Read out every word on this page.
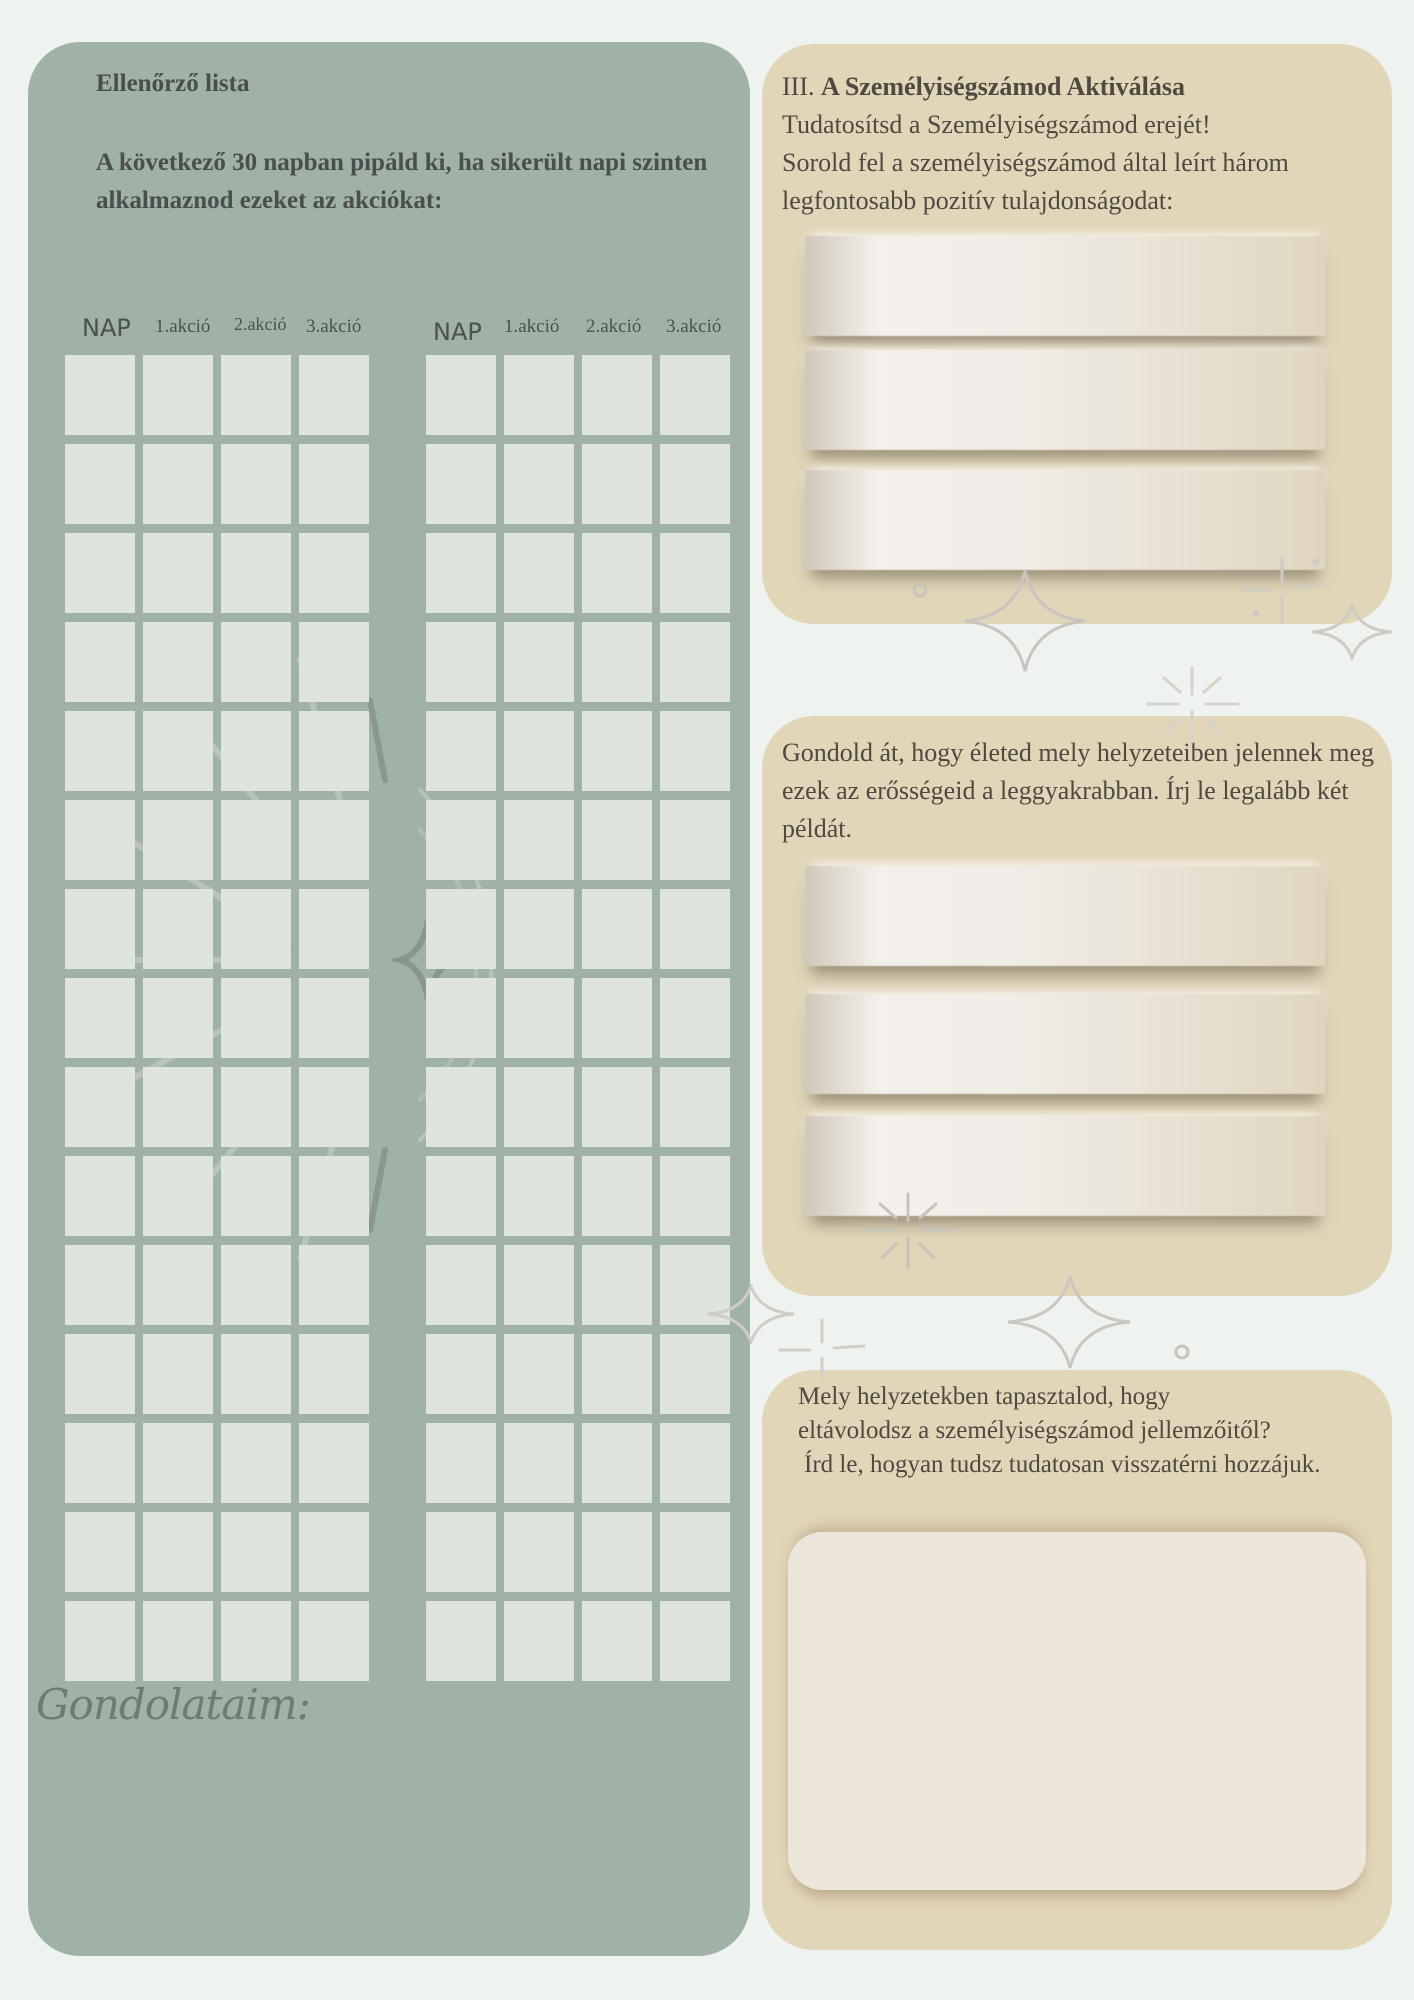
Ellenőrző lista
A következő 30 napban pipáld ki, ha sikerült napi szinten alkalmaznod ezeket az akciókat:
NAP 1.akció 2.akció 3.akció	NAP 1.akció 2.akció 3.akció
Gondolataim:
III. A Személyiségszámod Aktiválása
Tudatosítsd a Személyiségszámod erejét!
Sorold fel a személyiségszámod által leírt három legfontosabb pozitív tulajdonságodat:
Gondold át, hogy életed mely helyzeteiben jelennek meg ezek az erősségeid a leggyakrabban. Írj le legalább két példát.
Mely helyzetekben tapasztalod, hogy
eltávolodsz a személyiségszámod jellemzőitől?
Írd le, hogyan tudsz tudatosan visszatérni hozzájuk.
